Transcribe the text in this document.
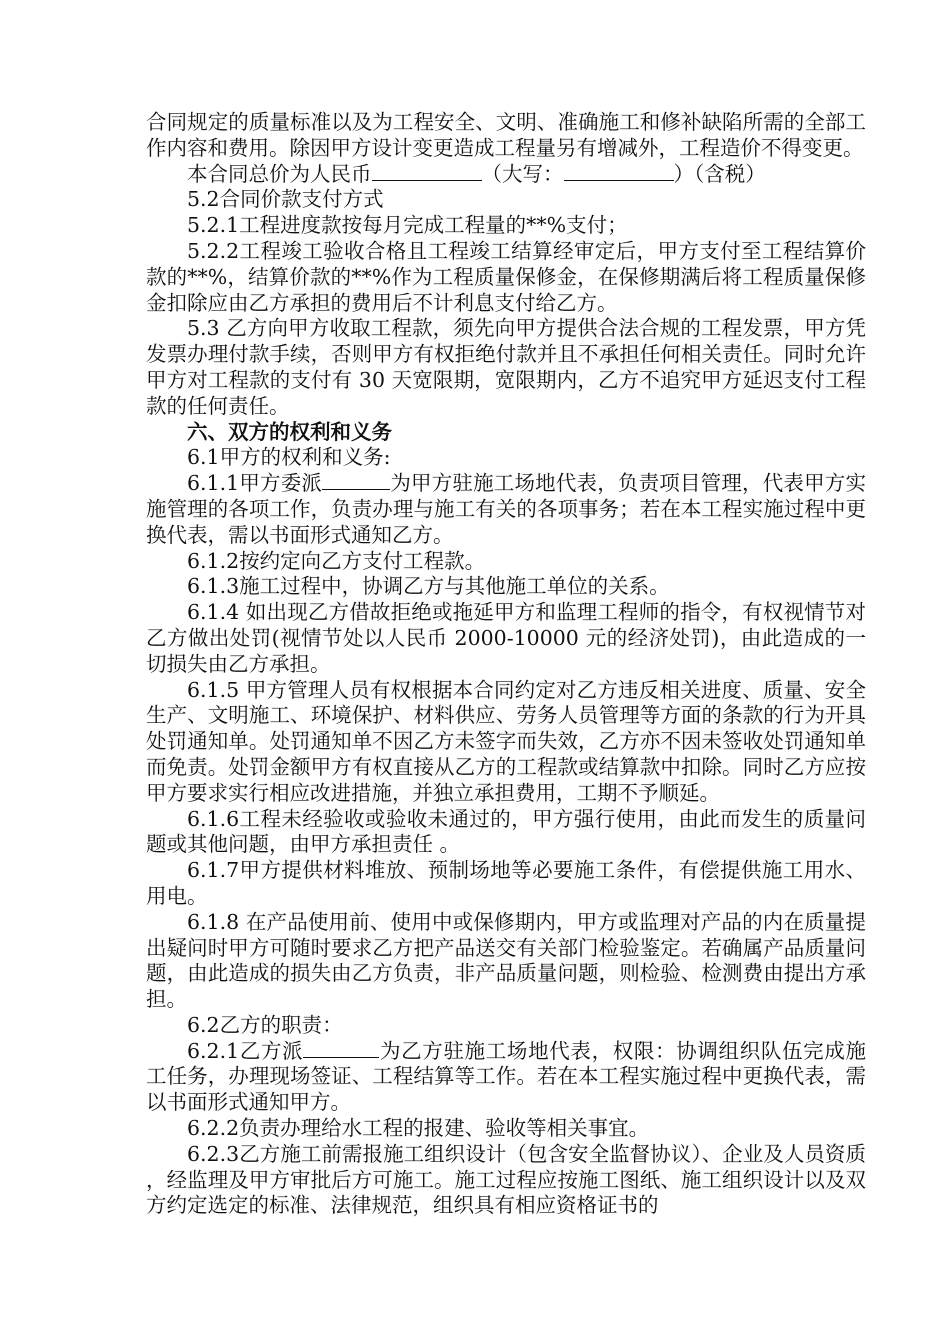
合同规定的质量标准以及为工程安全、文明、准确施工和修补缺陷所需的全部工作内容和费用。除因甲方设计变更造成工程量另有增减外，工程造价不得变更。

本合同总价为人民币	（大写：	）（含税）

5.2合同价款支付方式

5.2.1工程进度款按每月完成工程量的**%支付；

5.2.2工程竣工验收合格且工程竣工结算经审定后，甲方支付至工程结算价款的**%，结算价款的**%作为工程质量保修金，在保修期满后将工程质量保修金扣除应由乙方承担的费用后不计利息支付给乙方。

5.3 乙方向甲方收取工程款，须先向甲方提供合法合规的工程发票，甲方凭发票办理付款手续，否则甲方有权拒绝付款并且不承担任何相关责任。同时允许甲方对工程款的支付有 30 天宽限期，宽限期内，乙方不追究甲方延迟支付工程款的任何责任。

六、双方的权利和义务

6.1甲方的权利和义务:

6.1.1甲方委派	为甲方驻施工场地代表，负责项目管理，代表甲方实施管理的各项工作，负责办理与施工有关的各项事务；若在本工程实施过程中更换代表，需以书面形式通知乙方。

6.1.2按约定向乙方支付工程款。

6.1.3施工过程中，协调乙方与其他施工单位的关系。

6.1.4 如出现乙方借故拒绝或拖延甲方和监理工程师的指令，有权视情节对乙方做出处罚(视情节处以人民币 2000-10000 元的经济处罚)，由此造成的一切损失由乙方承担。

6.1.5 甲方管理人员有权根据本合同约定对乙方违反相关进度、质量、安全生产、文明施工、环境保护、材料供应、劳务人员管理等方面的条款的行为开具处罚通知单。处罚通知单不因乙方未签字而失效，乙方亦不因未签收处罚通知单而免责。处罚金额甲方有权直接从乙方的工程款或结算款中扣除。同时乙方应按甲方要求实行相应改进措施，并独立承担费用，工期不予顺延。

6.1.6工程未经验收或验收未通过的，甲方强行使用，由此而发生的质量问题或其他问题，由甲方承担责任 。

6.1.7甲方提供材料堆放、预制场地等必要施工条件，有偿提供施工用水、用电。

6.1.8 在产品使用前、使用中或保修期内，甲方或监理对产品的内在质量提出疑问时甲方可随时要求乙方把产品送交有关部门检验鉴定。若确属产品质量问题，由此造成的损失由乙方负责，非产品质量问题，则检验、检测费由提出方承担。

6.2乙方的职责：

6.2.1乙方派	为乙方驻施工场地代表，权限：协调组织队伍完成施工任务，办理现场签证、工程结算等工作。若在本工程实施过程中更换代表，需以书面形式通知甲方。

6.2.2负责办理给水工程的报建、验收等相关事宜。

6.2.3乙方施工前需报施工组织设计（包含安全监督协议）、企业及人员资质，经监理及甲方审批后方可施工。施工过程应按施工图纸、施工组织设计以及双方约定选定的标准、法律规范，组织具有相应资格证书的
